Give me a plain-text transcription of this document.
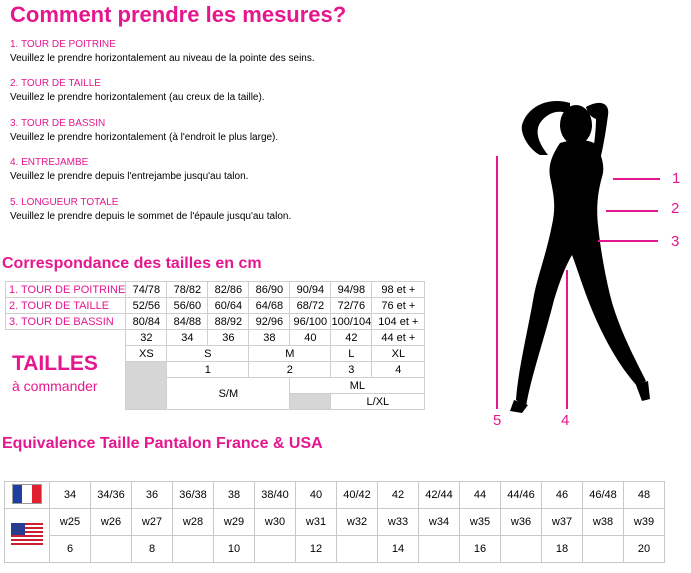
Comment prendre les mesures?
1. TOUR DE POITRINE
Veuillez le prendre horizontalement au niveau de la pointe des seins.
2. TOUR DE TAILLE
Veuillez le prendre horizontalement (au creux de la taille).
3. TOUR DE BASSIN
Veuillez le prendre horizontalement (à l'endroit le plus large).
4. ENTREJAMBE
Veuillez le prendre depuis l'entrejambe jusqu'au talon.
5. LONGUEUR TOTALE
Veuillez le prendre depuis le sommet de l'épaule jusqu'au talon.
Correspondance des tailles en cm
1. TOUR DE POITRINE	74/78	78/82	82/86	86/90	90/94	94/98	98 et +
2. TOUR DE TAILLE	52/56	56/60	60/64	64/68	68/72	72/76	76 et +
3. TOUR DE BASSIN	80/84	84/88	88/92	92/96	96/100	100/104	104 et +
	32	34	36	38	40	42	44 et +
	XS	S		M		L	XL
		1		2		3	4
		S/M			ML		
						L/XL	
TAILLES
à commander
1
2
3
4
5
Equivalence Taille Pantalon France & USA
	34	34/36	36	36/38	38	38/40	40	40/42	42	42/44	44	44/46	46	46/48	48
	w25	w26	w27	w28	w29	w30	w31	w32	w33	w34	w35	w36	w37	w38	w39
	6		8		10		12		14		16		18		20
